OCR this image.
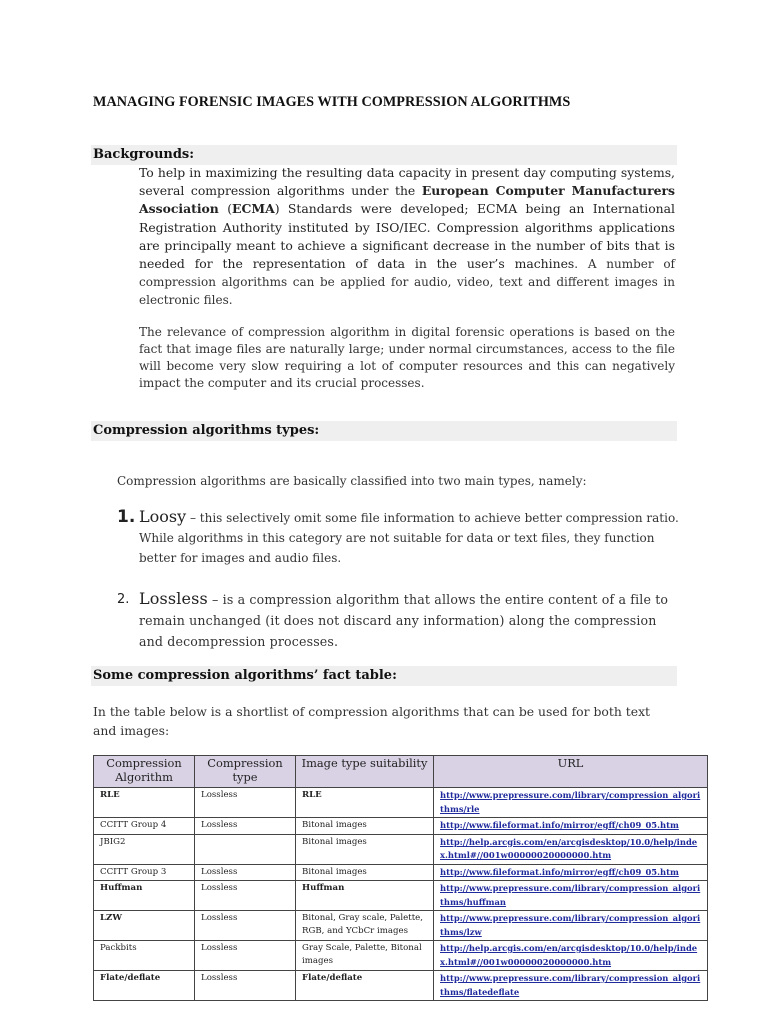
MANAGING FORENSIC IMAGES WITH COMPRESSION ALGORITHMS
Backgrounds:
To help in maximizing the resulting data capacity in present day computing systems, several compression algorithms under the European Computer Manufacturers Association (ECMA) Standards were developed; ECMA being an International Registration Authority instituted by ISO/IEC. Compression algorithms applications are principally meant to achieve a significant decrease in the number of bits that is needed for the representation of data in the user’s machines. A number of compression algorithms can be applied for audio, video, text and different images in electronic files.
The relevance of compression algorithm in digital forensic operations is based on the fact that image files are naturally large; under normal circumstances, access to the file will become very slow requiring a lot of computer resources and this can negatively impact the computer and its crucial processes.
Compression algorithms types:
Compression algorithms are basically classified into two main types, namely:
1. Loosy – this selectively omit some file information to achieve better compression ratio. While algorithms in this category are not suitable for data or text files, they function better for images and audio files.
2. Lossless – is a compression algorithm that allows the entire content of a file to remain unchanged (it does not discard any information) along the compression and decompression processes.
Some compression algorithms’ fact table:
In the table below is a shortlist of compression algorithms that can be used for both text and images:
Compression Algorithm	Compression type	Image type suitability	URL
RLE	Lossless	RLE	http://www.prepressure.com/library/compression_algorithms/rle
CCITT Group 4	Lossless	Bitonal images	http://www.fileformat.info/mirror/egff/ch09_05.htm
JBIG2		Bitonal images	http://help.arcgis.com/en/arcgisdesktop/10.0/help/index.html#//001w00000020000000.htm
CCITT Group 3	Lossless	Bitonal images	http://www.fileformat.info/mirror/egff/ch09_05.htm
Huffman	Lossless	Huffman	http://www.prepressure.com/library/compression_algorithms/huffman
LZW	Lossless	Bitonal, Gray scale, Palette, RGB, and YCbCr images	http://www.prepressure.com/library/compression_algorithms/lzw
Packbits	Lossless	Gray Scale, Palette, Bitonal images	http://help.arcgis.com/en/arcgisdesktop/10.0/help/index.html#//001w00000020000000.htm
Flate/deflate	Lossless	Flate/deflate	http://www.prepressure.com/library/compression_algorithms/flatedeflate
